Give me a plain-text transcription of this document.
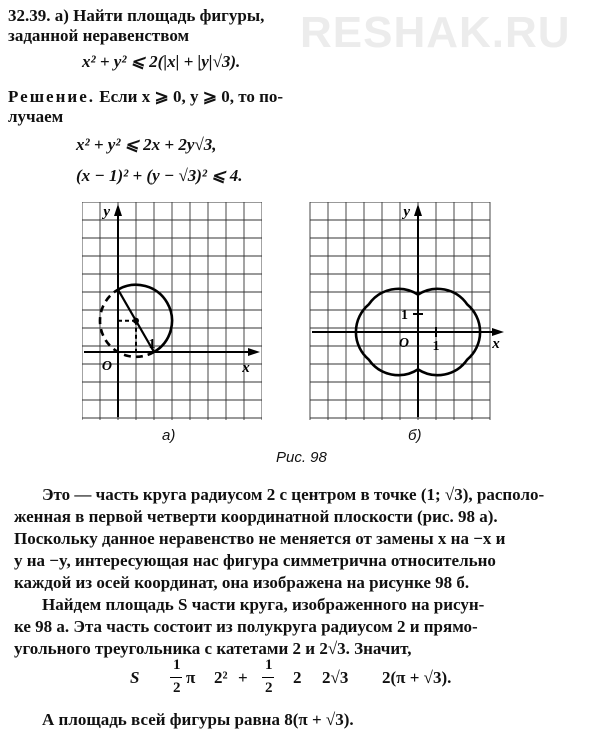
RESHAK.RU
32.39. а) Найти площадь фигуры,
заданной неравенством
x² + y² ⩽ 2(|x| + |y|√3).
Решение. Если x ⩾ 0, y ⩾ 0, то по-
лучаем
x² + y² ⩽ 2x + 2y√3,
(x − 1)² + (y − √3)² ⩽ 4.
y
x
O
1
y
x
O
1
1
а)	б)
Рис. 98
Это — часть круга радиусом 2 с центром в точке (1; √3), располо-
женная в первой четверти координатной плоскости (рис. 98 а).
Поскольку данное неравенство не меняется от замены x на −x и
y на −y, интересующая нас фигура симметрична относительно
каждой из осей координат, она изображена на рисунке 98 б.
Найдем площадь S части круга, изображенного на рисун-
ке 98 а. Эта часть состоит из полукруга радиусом 2 и прямо-
угольного треугольника с катетами 2 и 2√3. Значит,
S
1
2
π 2² +
1
2
2 2√3 2(π + √3).
А площадь всей фигуры равна 8(π + √3).
